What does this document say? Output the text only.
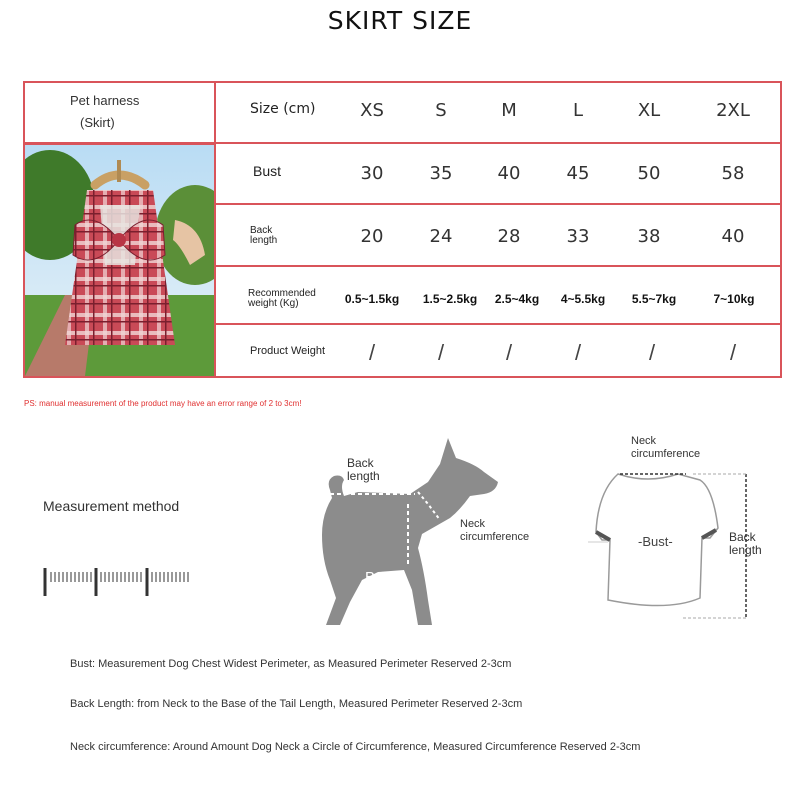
SKIRT SIZE
Pet harness
(Skirt)
Size (cm) XS	S	M	L	XL	2XL
Bust	30	35	40	45	50	58
Back
length	20	24	28	33	38	40
Recommended
weight (Kg)	0.5~1.5kg 1.5~2.5kg 2.5~4kg 4~5.5kg 5.5~7kg	7~10kg
Product Weight /	/	/	/	/	/
PS: manual measurement of the product may have an error range of 2 to 3cm!
Measurement method
Back
length
Neck
circumference
Bust
Neck
circumference
-Bust-	Back
length
Bust: Measurement Dog Chest Widest Perimeter, as Measured Perimeter Reserved 2-3cm
Back Length: from Neck to the Base of the Tail Length, Measured Perimeter Reserved 2-3cm
Neck circumference: Around Amount Dog Neck a Circle of Circumference, Measured Circumference Reserved 2-3cm
